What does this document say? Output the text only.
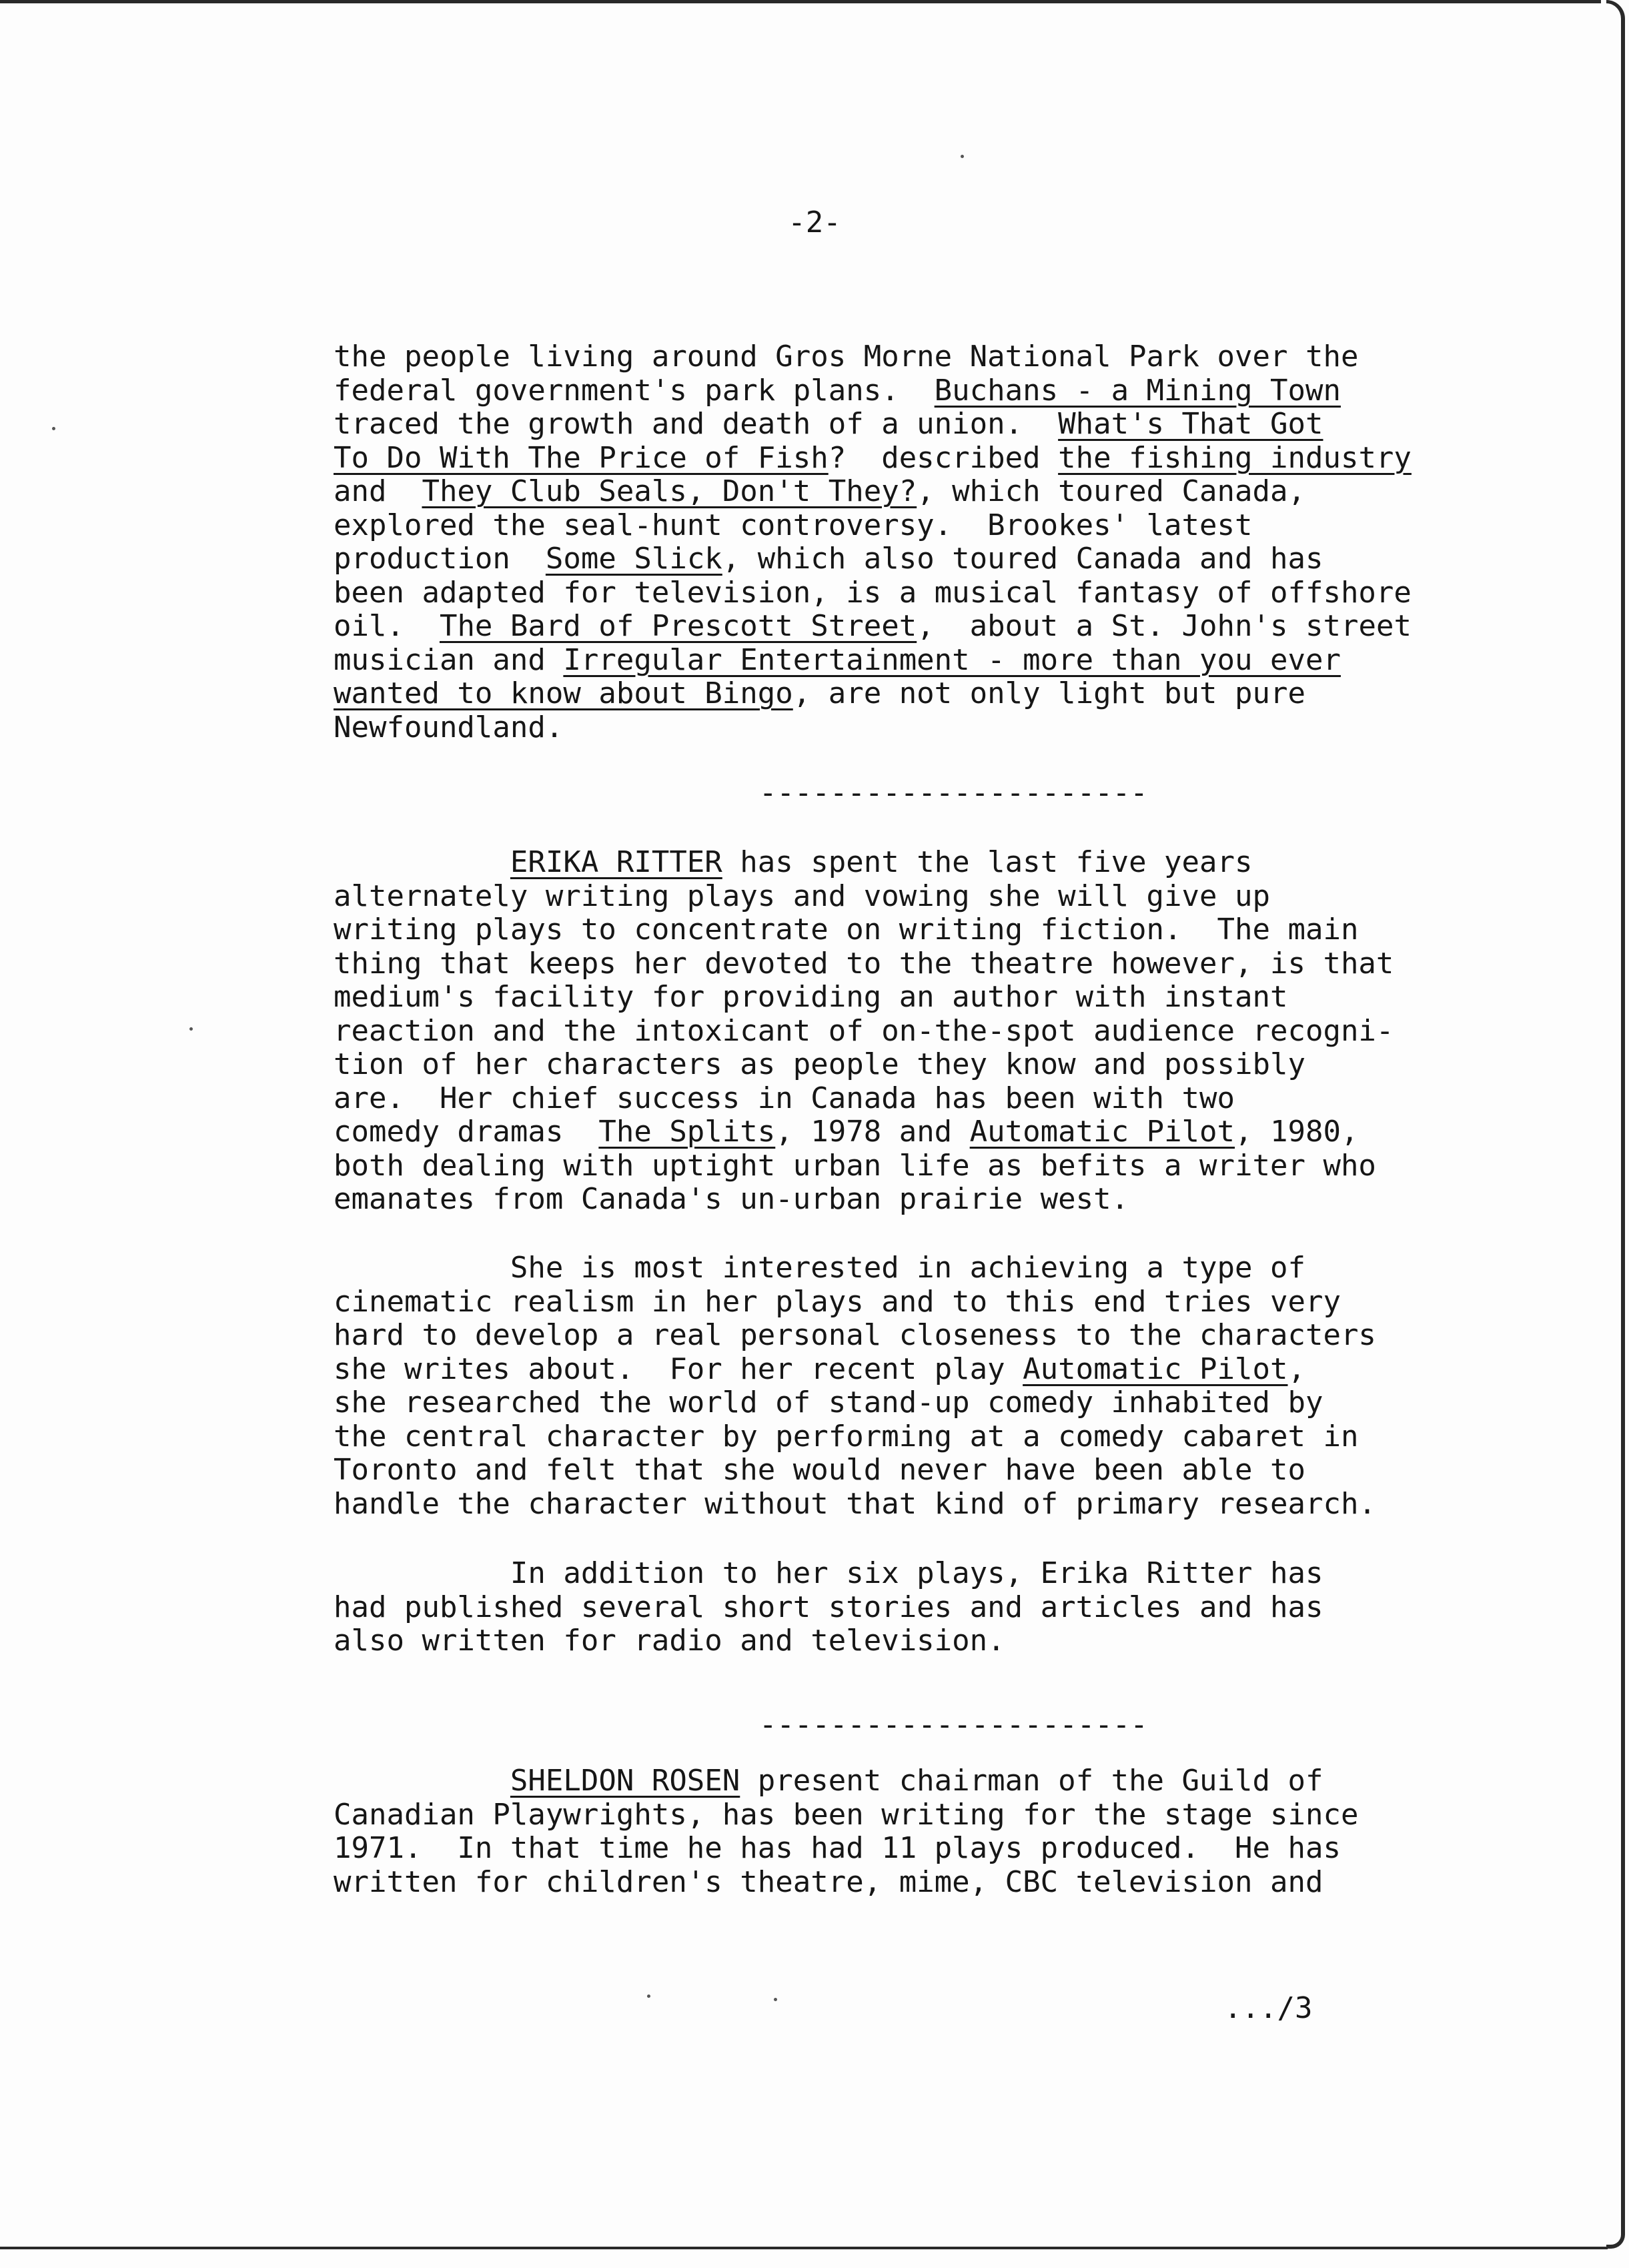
-2-
the people living around Gros Morne National Park over the
federal government's park plans.  Buchans - a Mining Town
traced the growth and death of a union.  What's That Got
To Do With The Price of Fish?  described the fishing industry
and  They Club Seals, Don't They?, which toured Canada,
explored the seal-hunt controversy.  Brookes' latest
production  Some Slick, which also toured Canada and has
been adapted for television, is a musical fantasy of offshore
oil.  The Bard of Prescott Street,  about a St. John's street
musician and Irregular Entertainment - more than you ever
wanted to know about Bingo, are not only light but pure
Newfoundland.
----------------------
ERIKA RITTER has spent the last five years
alternately writing plays and vowing she will give up
writing plays to concentrate on writing fiction.  The main
thing that keeps her devoted to the theatre however, is that
medium's facility for providing an author with instant
reaction and the intoxicant of on-the-spot audience recogni-
tion of her characters as people they know and possibly
are.  Her chief success in Canada has been with two
comedy dramas  The Splits, 1978 and Automatic Pilot, 1980,
both dealing with uptight urban life as befits a writer who
emanates from Canada's un-urban prairie west.
She is most interested in achieving a type of
cinematic realism in her plays and to this end tries very
hard to develop a real personal closeness to the characters
she writes about.  For her recent play Automatic Pilot,
she researched the world of stand-up comedy inhabited by
the central character by performing at a comedy cabaret in
Toronto and felt that she would never have been able to
handle the character without that kind of primary research.
In addition to her six plays, Erika Ritter has
had published several short stories and articles and has
also written for radio and television.
----------------------
SHELDON ROSEN present chairman of the Guild of
Canadian Playwrights, has been writing for the stage since
1971.  In that time he has had 11 plays produced.  He has
written for children's theatre, mime, CBC television and
.../3
